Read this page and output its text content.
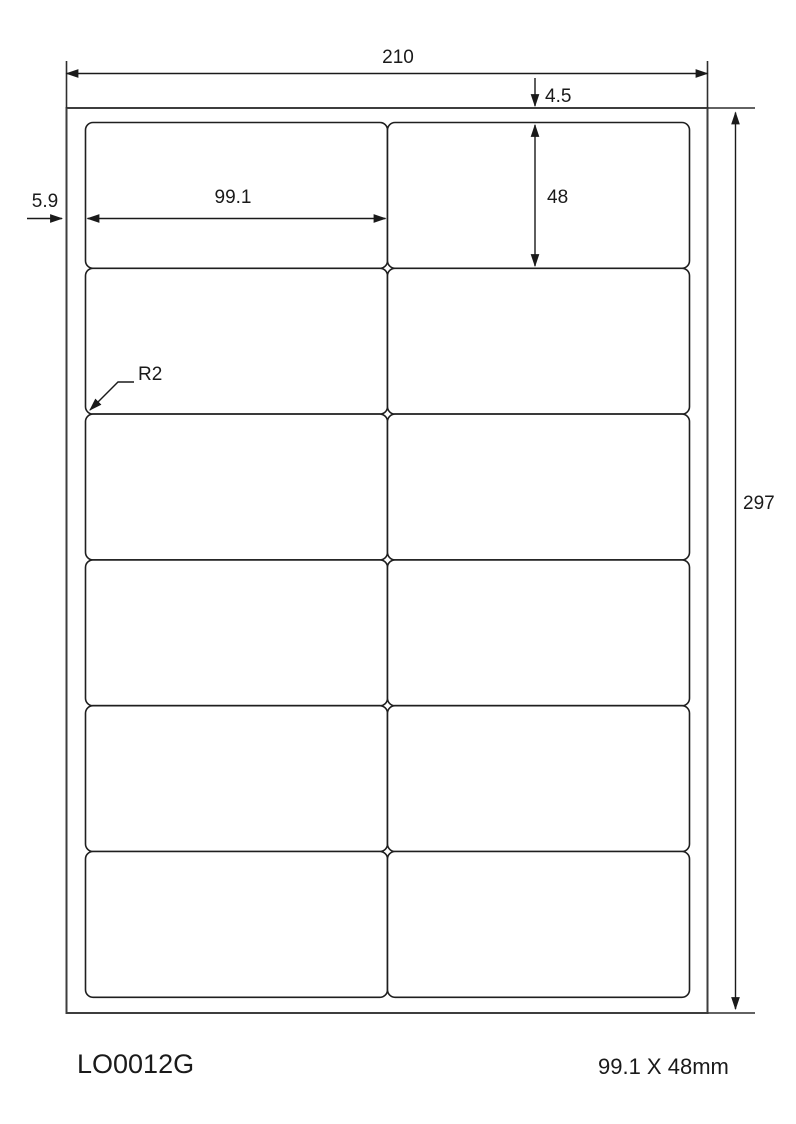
210
4.5
48
99.1
5.9
297
R2
LO0012G	99.1 X 48mm
